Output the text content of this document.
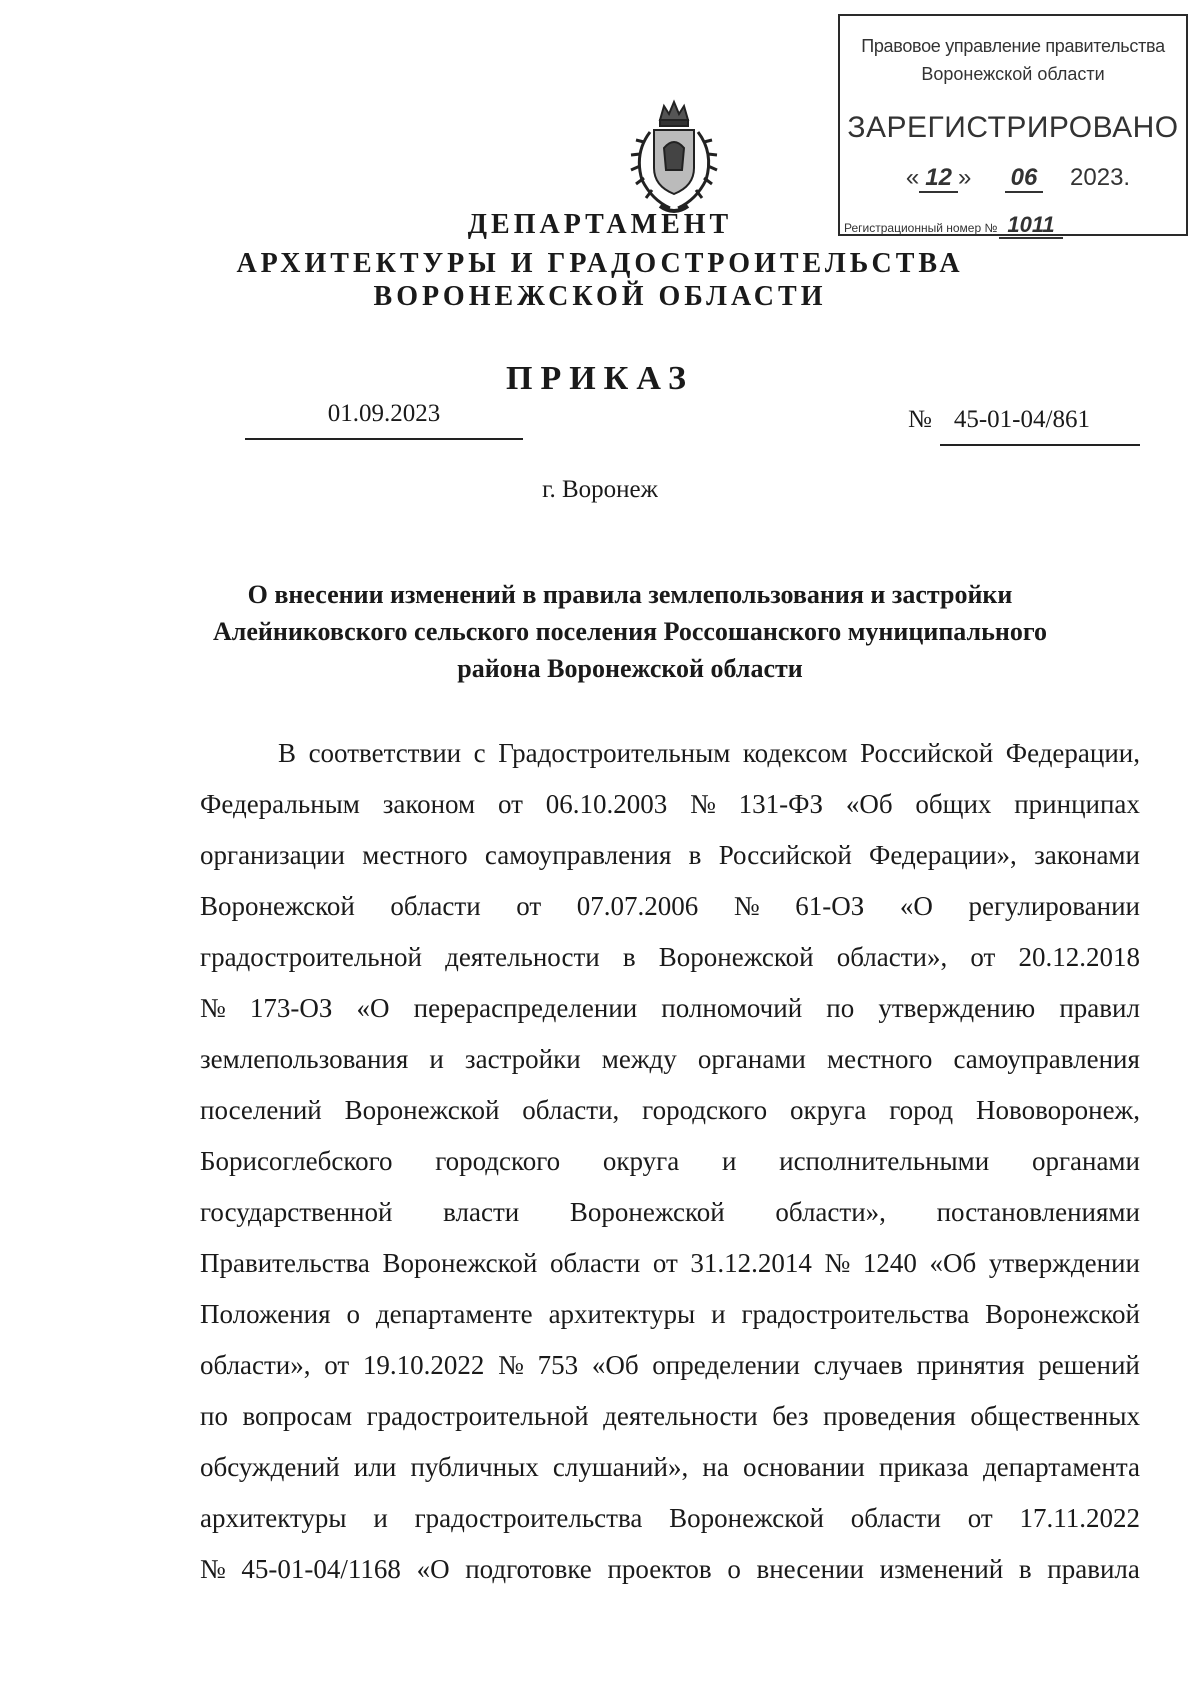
Правовое управление правительства
Воронежской области
ЗАРЕГИСТРИРОВАНО
« 12 » 06 2023.
Регистрационный номер № 1011
ДЕПАРТАМЕНТ
АРХИТЕКТУРЫ И ГРАДОСТРОИТЕЛЬСТВА
ВОРОНЕЖСКОЙ ОБЛАСТИ
ПРИКАЗ
01.09.2023	№ 45-01-04/861
г. Воронеж
О внесении изменений в правила землепользования и застройки
Алейниковского сельского поселения Россошанского муниципального
района Воронежской области
В соответствии с Градостроительным кодексом Российской Федерации,
Федеральным законом от 06.10.2003 № 131-ФЗ «Об общих принципах
организации местного самоуправления в Российской Федерации», законами
Воронежской области от 07.07.2006 № 61-ОЗ «О регулировании
градостроительной деятельности в Воронежской области», от 20.12.2018
№ 173-ОЗ «О перераспределении полномочий по утверждению правил
землепользования и застройки между органами местного самоуправления
поселений Воронежской области, городского округа город Нововоронеж,
Борисоглебского городского округа и исполнительными органами
государственной власти Воронежской области», постановлениями
Правительства Воронежской области от 31.12.2014 № 1240 «Об утверждении
Положения о департаменте архитектуры и градостроительства Воронежской
области», от 19.10.2022 № 753 «Об определении случаев принятия решений
по вопросам градостроительной деятельности без проведения общественных
обсуждений или публичных слушаний», на основании приказа департамента
архитектуры и градостроительства Воронежской области от 17.11.2022
№ 45-01-04/1168 «О подготовке проектов о внесении изменений в правила
